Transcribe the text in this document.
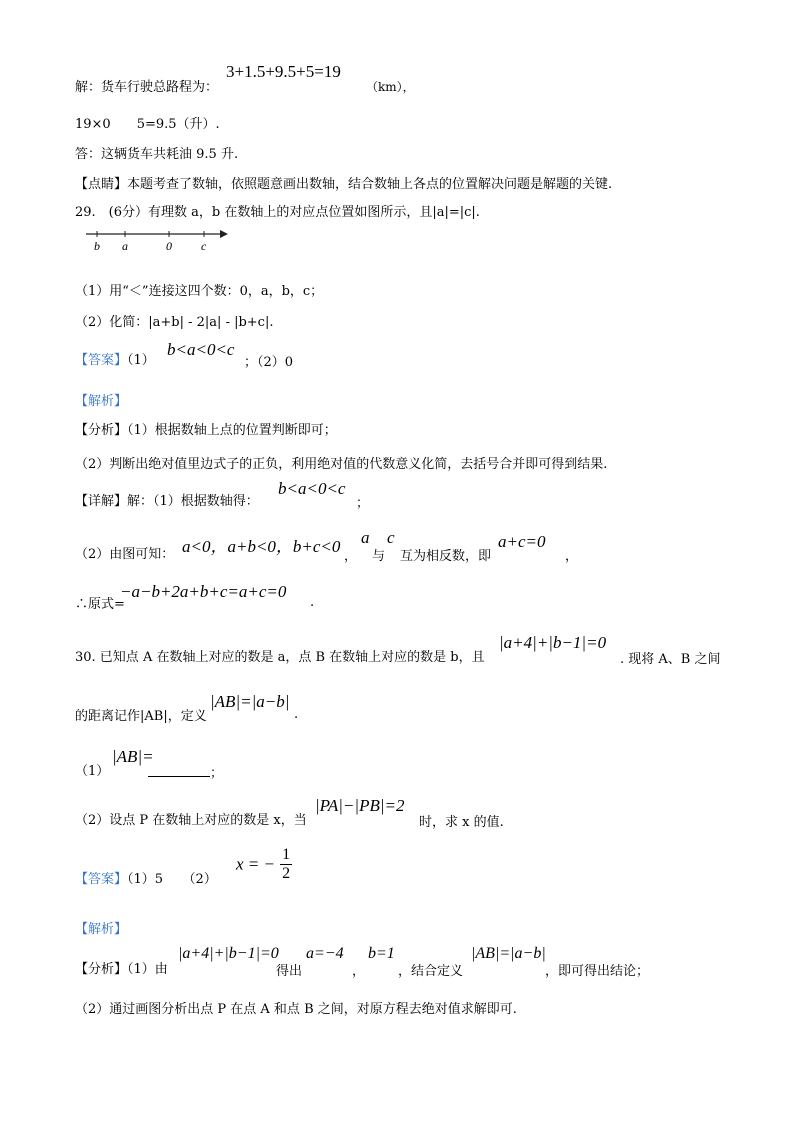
解：货车行驶总路程为：
3+1.5+9.5+5=19
（km），
19×0　　5=9.5（升）.
答：这辆货车共耗油 9.5 升.
【点睛】本题考查了数轴，依照题意画出数轴，结合数轴上各点的位置解决问题是解题的关键.
29.　(6分）有理数 a，b 在数轴上的对应点位置如图所示，且|a|=|c|.
b a	0 c
（1）用“＜”连接这四个数：0，a，b，c；
（2）化简：|a+b| - 2|a| - |b+c|.
【答案】（1）
b<a<0<c
；（2）0
【解析】
【分析】（1）根据数轴上点的位置判断即可；
（2）判断出绝对值里边式子的正负，利用绝对值的代数意义化简，去括号合并即可得到结果.
【详解】解：（1）根据数轴得：
b<a<0<c
；
（2）由图可知： a<0，a+b<0，b+c<0
，
a
与
c
互为相反数，即
a+c=0
，
∴原式=
−a−b+2a+b+c=a+c=0
.
30. 已知点 A 在数轴上对应的数是 a，点 B 在数轴上对应的数是 b，且
|a+4|+|b−1|=0
. 现将 A、B 之间
的距离记作|AB|，定义
|AB|=|a−b|
.
（1）
|AB|=
；
（2）设点 P 在数轴上对应的数是 x，当
|PA|−|PB|=2
时，求 x 的值.
【答案】（1）5　　（2）
x = − $\frac{1}{2}$
【解析】
【分析】（1）由
|a+4|+|b−1|=0
得出
a=−4
，
b=1
，结合定义
|AB|=|a−b|
，即可得出结论；
（2）通过画图分析出点 P 在点 A 和点 B 之间，对原方程去绝对值求解即可.
